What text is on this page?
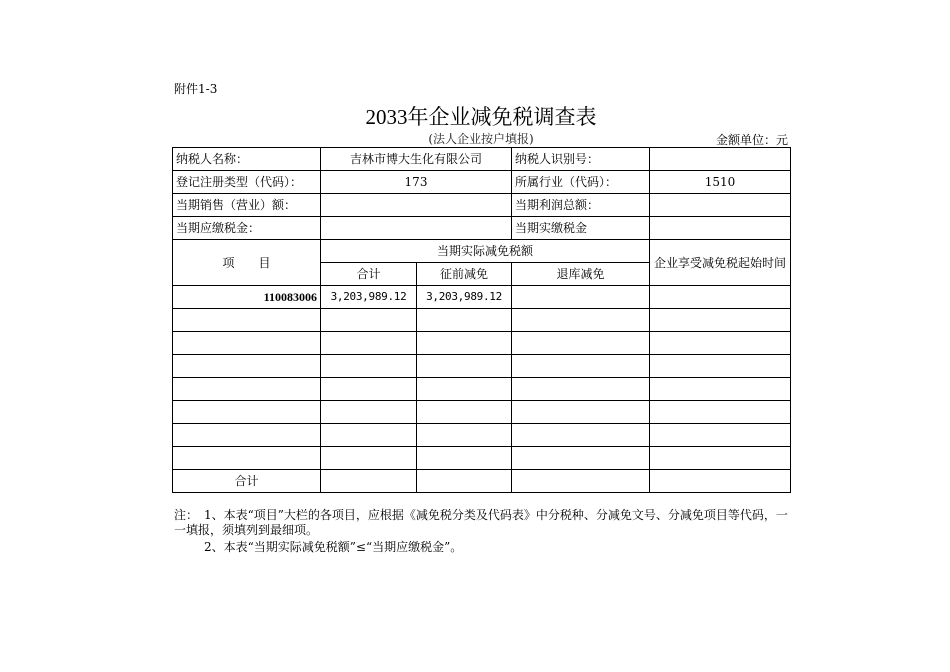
附件1-3
2033年企业减免税调查表
(法人企业按户填报)	金额单位：元
纳税人名称：	吉林市博大生化有限公司		纳税人识别号：	
登记注册类型（代码）：	173		所属行业（代码）：	1510
当期销售（营业）额：			当期利润总额：	
当期应缴税金：			当期实缴税金	
项　　目	当期实际减免税额			企业享受减免税起始时间
	合计	征前减免	退库减免	
110083006	3,203,989.12	3,203,989.12		

合计				

注：　1、本表“项目”大栏的各项目，应根据《减免税分类及代码表》中分税种、分减免文号、分减免项目等代码，一一填报，须填列到最细项。

2、本表“当期实际减免税额”≤“当期应缴税金”。
